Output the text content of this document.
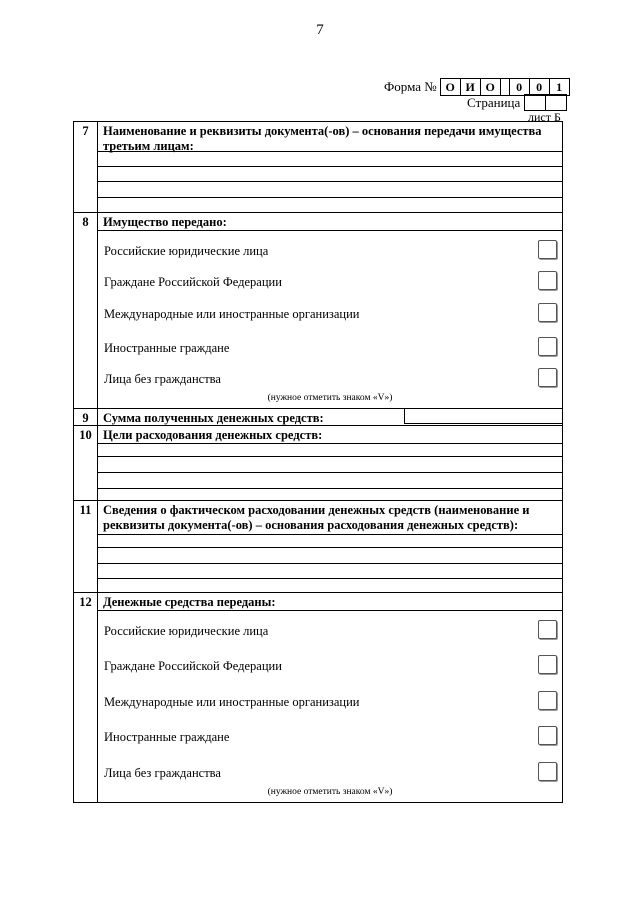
7
Форма № О И О	0	0	1
Страница
лист Б
7	Наименование и реквизиты документа(-ов) – основания передачи имущества третьим лицам:
8	Имущество передано:
Российские юридические лица
Граждане Российской Федерации
Международные или иностранные организации
Иностранные граждане
Лица без гражданства
(нужное отметить знаком «V»)
9	Сумма полученных денежных средств:
10 Цели расходования денежных средств:
11 Сведения о фактическом расходовании денежных средств (наименование и реквизиты документа(-ов) – основания расходования денежных средств):
12 Денежные средства переданы:
Российские юридические лица
Граждане Российской Федерации
Международные или иностранные организации
Иностранные граждане
Лица без гражданства
(нужное отметить знаком «V»)
